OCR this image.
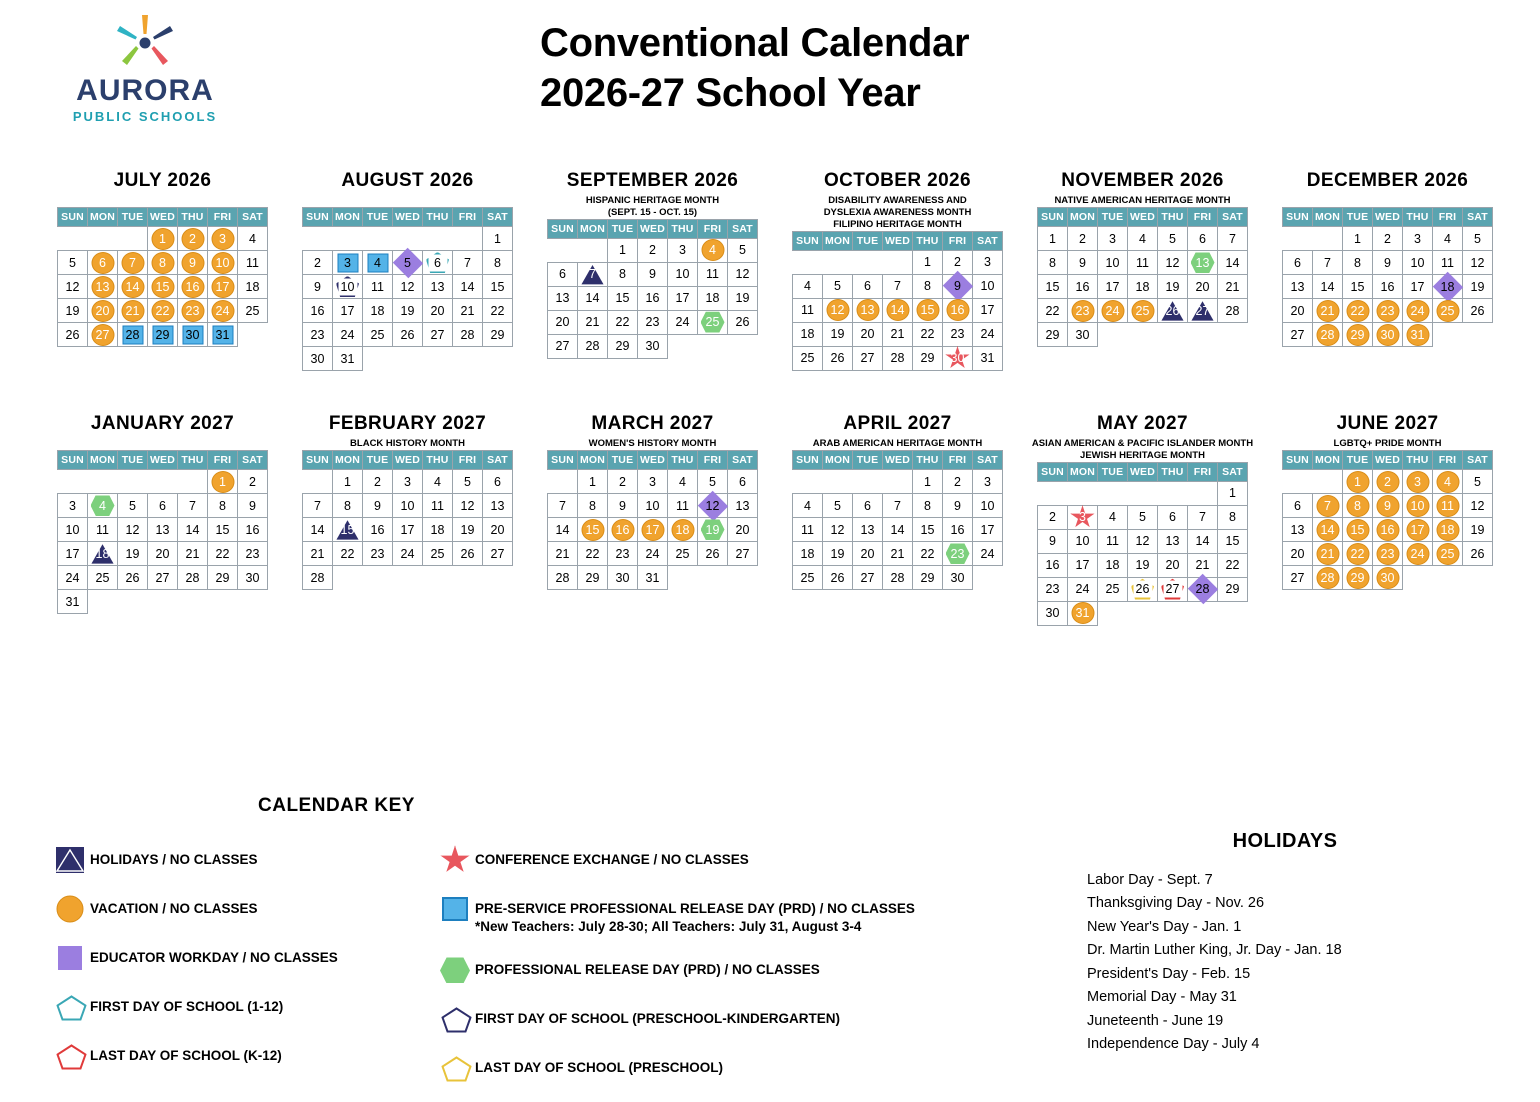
AURORA
PUBLIC SCHOOLS
Conventional Calendar
2026-27 School Year
JULY 2026
SUN	MON	TUE	WED	THU	FRI	SAT

			1	2	3	4

5	6	7	8	9	10	11

12	13	14	15	16	17	18

19	20	21	22	23	24	25

26	27	28	29	30	31	

AUGUST 2026
SUN	MON	TUE	WED	THU	FRI	SAT

						1

2	3	4	5	6	7	8

9	10	11	12	13	14	15

16	17	18	19	20	21	22

23	24	25	26	27	28	29

30	31					

SEPTEMBER 2026
HISPANIC HERITAGE MONTH
(SEPT. 15 - OCT. 15)
SUN	MON	TUE	WED	THU	FRI	SAT

		1	2	3	4	5

6	7	8	9	10	11	12

13	14	15	16	17	18	19

20	21	22	23	24	25	26

27	28	29	30			

OCTOBER 2026
DISABILITY AWARENESS AND
DYSLEXIA AWARENESS MONTH
FILIPINO HERITAGE MONTH
SUN	MON	TUE	WED	THU	FRI	SAT

				1	2	3

4	5	6	7	8	9	10

11	12	13	14	15	16	17

18	19	20	21	22	23	24

25	26	27	28	29	30	31
NOVEMBER 2026
NATIVE AMERICAN HERITAGE MONTH
SUN	MON	TUE	WED	THU	FRI	SAT

1	2	3	4	5	6	7

8	9	10	11	12	13	14

15	16	17	18	19	20	21

22	23	24	25	26	27	28

29	30					

DECEMBER 2026
SUN	MON	TUE	WED	THU	FRI	SAT

		1	2	3	4	5

6	7	8	9	10	11	12

13	14	15	16	17	18	19

20	21	22	23	24	25	26

27	28	29	30	31		

JANUARY 2027
SUN	MON	TUE	WED	THU	FRI	SAT

					1	2

3	4	5	6	7	8	9

10	11	12	13	14	15	16

17	18	19	20	21	22	23

24	25	26	27	28	29	30

31						

FEBRUARY 2027
BLACK HISTORY MONTH
SUN	MON	TUE	WED	THU	FRI	SAT

	1	2	3	4	5	6

7	8	9	10	11	12	13

14	15	16	17	18	19	20

21	22	23	24	25	26	27

28						

MARCH 2027
WOMEN'S HISTORY MONTH
SUN	MON	TUE	WED	THU	FRI	SAT

	1	2	3	4	5	6

7	8	9	10	11	12	13

14	15	16	17	18	19	20

21	22	23	24	25	26	27

28	29	30	31			

APRIL 2027
ARAB AMERICAN HERITAGE MONTH
SUN	MON	TUE	WED	THU	FRI	SAT

				1	2	3

4	5	6	7	8	9	10

11	12	13	14	15	16	17

18	19	20	21	22	23	24

25	26	27	28	29	30	

MAY 2027
ASIAN AMERICAN & PACIFIC ISLANDER MONTH
JEWISH HERITAGE MONTH
SUN	MON	TUE	WED	THU	FRI	SAT

						1

2	3	4	5	6	7	8

9	10	11	12	13	14	15

16	17	18	19	20	21	22

23	24	25	26	27	28	29

30	31					

JUNE 2027
LGBTQ+ PRIDE MONTH
SUN	MON	TUE	WED	THU	FRI	SAT

		1	2	3	4	5

6	7	8	9	10	11	12

13	14	15	16	17	18	19

20	21	22	23	24	25	26

27	28	29	30			

CALENDAR KEY
HOLIDAYS / NO CLASSES
VACATION / NO CLASSES
EDUCATOR WORKDAY / NO CLASSES
FIRST DAY OF SCHOOL (1-12)
LAST DAY OF SCHOOL (K-12)
CONFERENCE EXCHANGE / NO CLASSES
PRE-SERVICE PROFESSIONAL RELEASE DAY (PRD) / NO CLASSES
*New Teachers: July 28-30; All Teachers: July 31, August 3-4
PROFESSIONAL RELEASE DAY (PRD) / NO CLASSES
FIRST DAY OF SCHOOL (PRESCHOOL-KINDERGARTEN)
LAST DAY OF SCHOOL (PRESCHOOL)
HOLIDAYS
Labor Day - Sept. 7
Thanksgiving Day - Nov. 26
New Year's Day - Jan. 1
Dr. Martin Luther King, Jr. Day - Jan. 18
President's Day - Feb. 15
Memorial Day - May 31
Juneteenth - June 19
Independence Day - July 4
